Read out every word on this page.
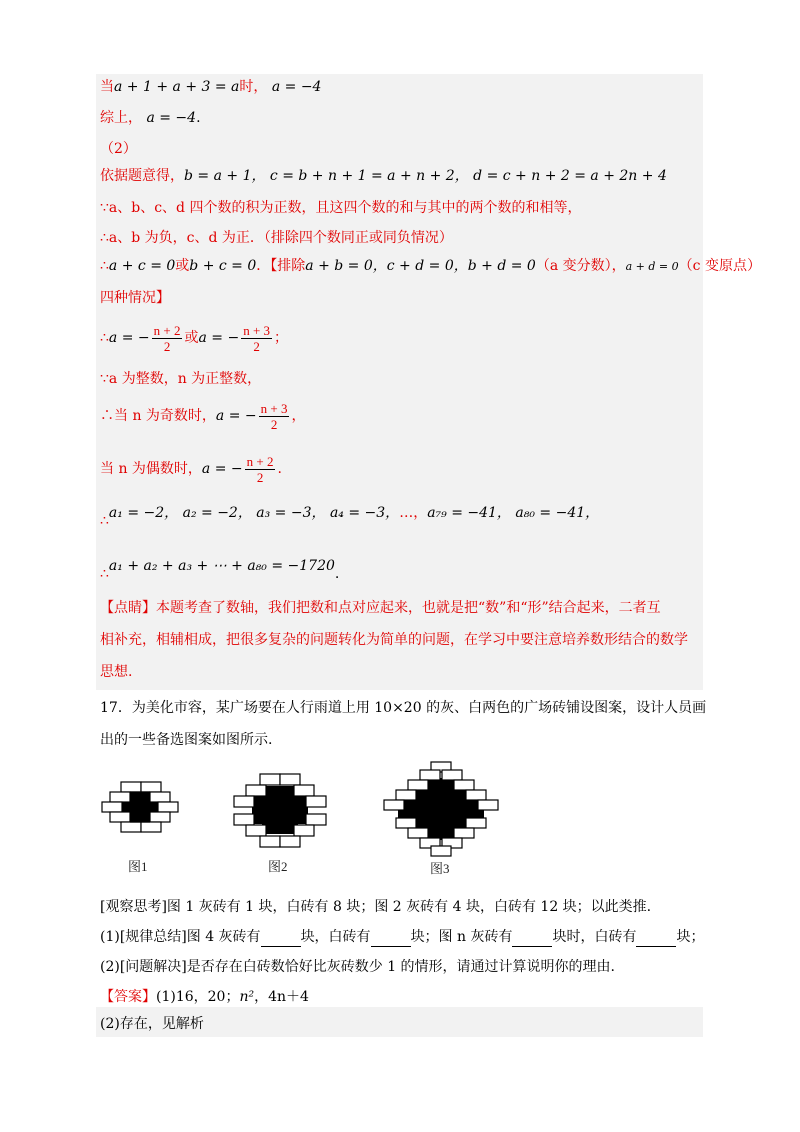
当a + 1 + a + 3 = a时， a = −4
综上， a = −4.
（2）
依据题意得，b = a + 1， c = b + n + 1 = a + n + 2， d = c + n + 2 = a + 2n + 4
∵a、b、c、d 四个数的积为正数，且这四个数的和与其中的两个数的和相等，
∴a、b 为负，c、d 为正．（排除四个数同正或同负情况）
∴a + c = 0或b + c = 0．【排除a + b = 0，c + d = 0，b + d = 0（a 变分数），a + d = 0（c 变原点）
四种情况】
∴a = − $\frac{n + 2}{2}$ 或a = − $\frac{n + 3}{2}$ ；
∵a 为整数，n 为正整数，
∴当 n 为奇数时，a = − $\frac{n + 3}{2}$ ，
当 n 为偶数时，a = − $\frac{n + 2}{2}$ .
∴a₁ = −2， a₂ = −2， a₃ = −3， a₄ = −3，…，a₇₉ = −41， a₈₀ = −41，
∴a₁ + a₂ + a₃ + ⋯ + a₈₀ = −1720.
【点睛】本题考查了数轴，我们把数和点对应起来，也就是把“数”和“形”结合起来，二者互
相补充，相辅相成，把很多复杂的问题转化为简单的问题，在学习中要注意培养数形结合的数学
思想.
17．为美化市容，某广场要在人行雨道上用 10×20 的灰、白两色的广场砖铺设图案，设计人员画
出的一些备选图案如图所示.
图1	图2	图3
[观察思考]图 1 灰砖有 1 块，白砖有 8 块；图 2 灰砖有 4 块，白砖有 12 块；以此类推.
(1)[规律总结]图 4 灰砖有	块，白砖有	块；图 n 灰砖有	块时，白砖有	块；
(2)[问题解决]是否存在白砖数恰好比灰砖数少 1 的情形，请通过计算说明你的理由.
【答案】(1)16，20；n²，4n＋4
(2)存在，见解析
